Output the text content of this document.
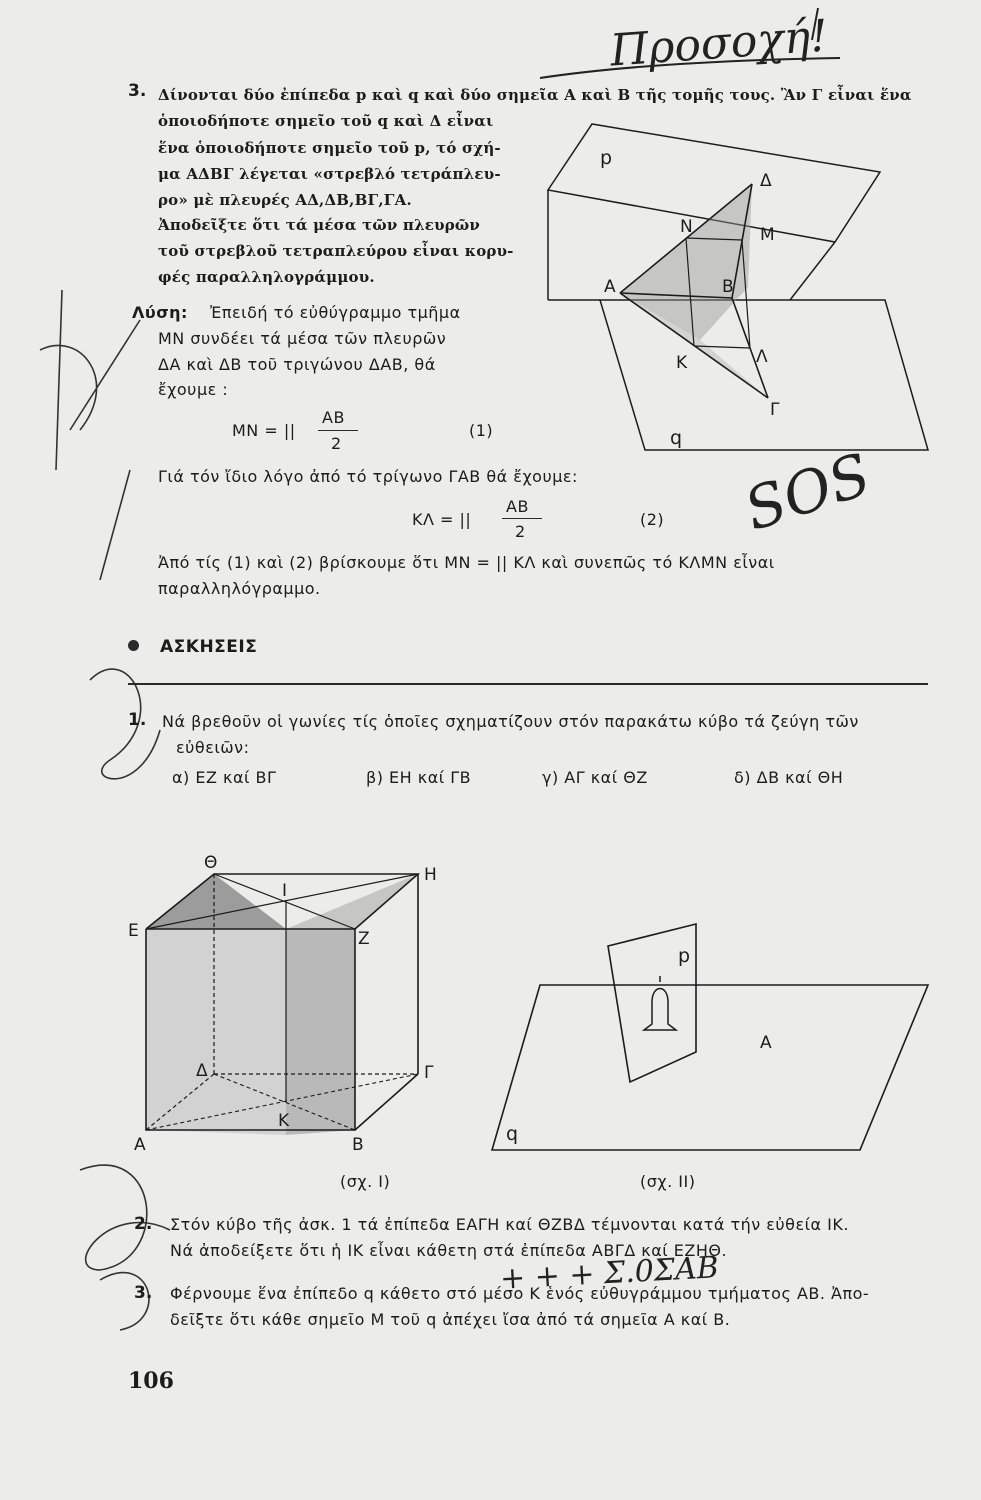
Προσοχή!
3. Δίνονται δύο ἐπίπεδα p καὶ q καὶ δύο σημεῖα Α καὶ Β τῆς τομῆς τους. Ἂν Γ εἶναι ἕνα
ὁποιοδήποτε σημεῖο τοῦ q καὶ Δ εἶναι
ἕνα ὁποιοδήποτε σημεῖο τοῦ p, τό σχή-
μα ΑΔΒΓ λέγεται «στρεβλό τετράπλευ-
ρο» μὲ πλευρές ΑΔ,ΔΒ,ΒΓ,ΓΑ.
Ἀποδεῖξτε ὅτι τά μέσα τῶν πλευρῶν
τοῦ στρεβλοῦ τετραπλεύρου εἶναι κορυ-
φές παραλληλογράμμου.
p
Δ
Ν	Μ
Α	Β
Κ	Λ
Γ
q
Λύση: Ἐπειδή τό εὐθύγραμμο τμῆμα
ΜΝ συνδέει τά μέσα τῶν πλευρῶν
ΔΑ καὶ ΔΒ τοῦ τριγώνου ΔΑΒ, θά
ἔχουμε :
ΜΝ = ||
ΑΒ
2
(1)
Γιά τόν ἴδιο λόγο ἀπό τό τρίγωνο ΓΑΒ θά ἔχουμε:
ΚΛ = ||
ΑΒ
2
(2) SOS
Ἀπό τίς (1) καὶ (2) βρίσκουμε ὅτι ΜΝ = || ΚΛ καὶ συνεπῶς τό ΚΛΜΝ εἶναι
παραλληλόγραμμο.
ΑΣΚΗΣΕΙΣ
1. Νά βρεθοῦν οἱ γωνίες τίς ὁποῖες σχηματίζουν στόν παρακάτω κύβο τά ζεύγη τῶν
εὐθειῶν:
α) ΕΖ καί ΒΓ	β) ΕΗ καί ΓΒ	γ) ΑΓ καί ΘΖ	δ) ΔΒ καί ΘΗ
Θ
Ι
Η
Ε	Ζ
Δ	Γ
Κ
Α	Β
(σχ. Ι)
p
Α
q
(σχ. ΙΙ)
2. Στόν κύβο τῆς ἀσκ. 1 τά ἐπίπεδα ΕΑΓΗ καί ΘΖΒΔ τέμνονται κατά τήν εὐθεία ΙΚ.
Νά ἀποδείξετε ὅτι ἡ ΙΚ εἶναι κάθετη στά ἐπίπεδα ΑΒΓΔ καί ΕΖΗΘ.
+ + + Σ.0ΣΑΒ
3. Φέρνουμε ἕνα ἐπίπεδο q κάθετο στό μέσο Κ ἑνός εὐθυγράμμου τμήματος ΑΒ. Ἀπο-
δεῖξτε ὅτι κάθε σημεῖο Μ τοῦ q ἀπέχει ἴσα ἀπό τά σημεῖα Α καί Β.
106
